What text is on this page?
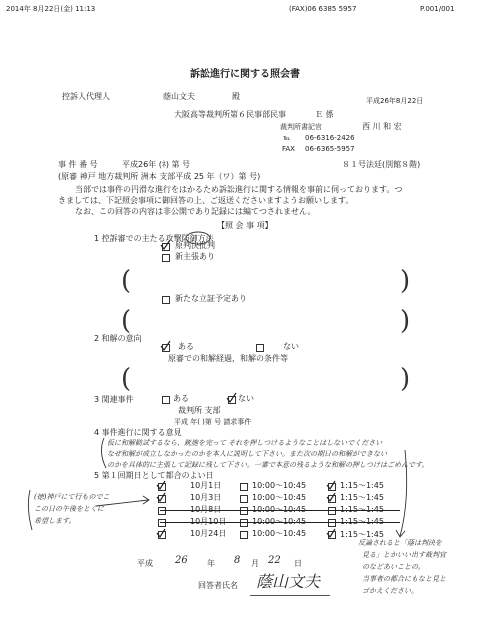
2014年 8月22日(金) 11:13	(FAX)06 6385 5957	P.001/001
訴訟進行に関する照会書
控訴人代理人	蔭山文夫	殿	平成26年8月22日
大阪高等裁判所第６民事部民事	Ｅ 係
裁判所書記官	西 川 和 宏
℡ 06-6316-2426
FAX 06-6365-5957
事 件 番 号	平成26年 (ﾈ) 第 号	８１号法廷(別館８階)
(原審 神戸 地方裁判所 洲本 支部平成 25 年（ワ）第 号)
当部では事件の円滑な進行をはかるため訴訟進行に関する情報を事前に伺っております。つ
きましては、下記照会事項に御回答の上、ご返送くださいますようお願いします。
なお、この回答の内容は非公開であり記録には編てつされません。
【照 会 事 項】
1 控訴審での主たる攻撃防御方法
原判決批判
新主張あり
(	)
新たな立証予定あり
(	)
2 和解の意向
ある	ない
原審での和解経過，和解の条件等
(	)
3 関連事件	ある	ない
裁判所 支部
平成 年( )第 号 請求事件
4 事件進行に関する意見
仮に和解勧試するなら、銃施を完って それを押しつけるようなことはしないでください
なぜ和解が成立しなかったのかを本人に説明して下さい。また次の期日の和解ができない
のかを具体的に主張して記録に残して下さい。一審で本意の残るような和解の押しつけはごめんです。
5 第１回期日として都合のよい日
10月1日	10:00〜10:45	1:15〜1:45
10月3日	10:00〜10:45	1:15〜1:45
10月8日	10:00〜10:45	1:15〜1:45
10月10日	10:00〜10:45	1:15〜1:45
10月24日	10:00〜10:45	1:15〜1:45
平成 26 年 8 月 22 日
回答者氏名 蔭山文夫
(徳)神戸にて行ものでこ
この日の午後をとくに
希望します。
反論されると「蔭は判決を
見る」とかいい出す裁判官
のなどあいことの。
当事者の都合にもなと見と
ゴかえください。
